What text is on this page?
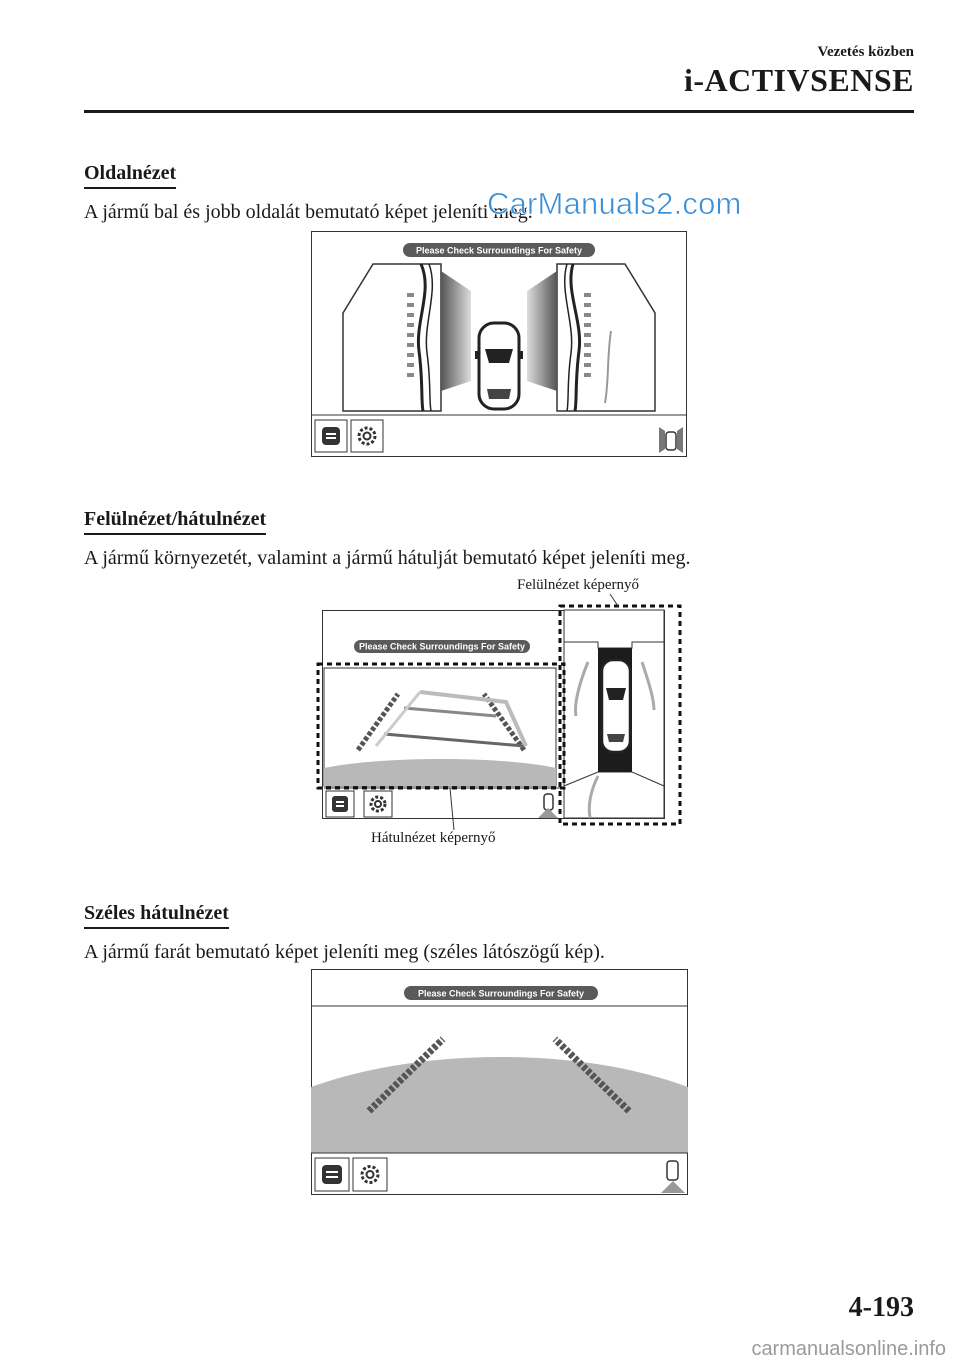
Vezetés közben
i-ACTIVSENSE
Oldalnézet
A jármű bal és jobb oldalát bemutató képet jeleníti meg.
CarManuals2.com
Please Check Surroundings For Safety
Felülnézet/hátulnézet
A jármű környezetét, valamint a jármű hátulját bemutató képet jeleníti meg.
Felülnézet képernyő
Hátulnézet képernyő
Please Check Surroundings For Safety
Széles hátulnézet
A jármű farát bemutató képet jeleníti meg (széles látószögű kép).
Please Check Surroundings For Safety
4-193
carmanualsonline.info
